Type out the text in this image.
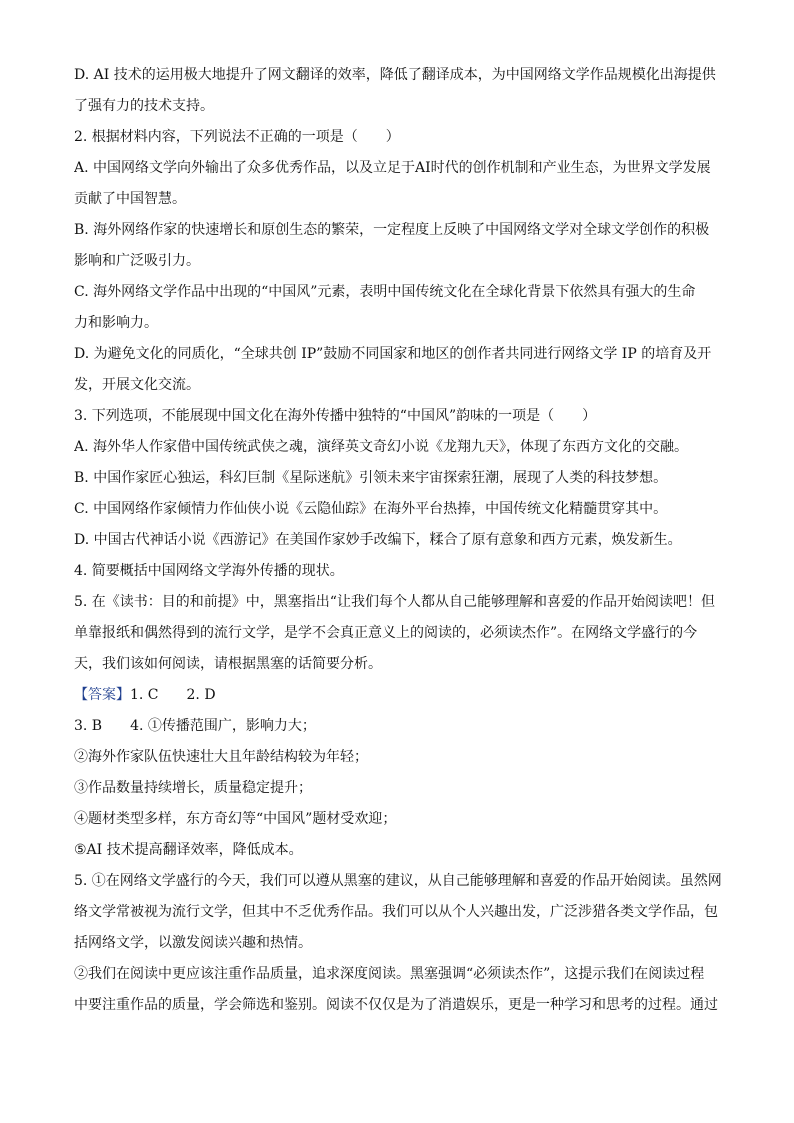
D. AI 技术的运用极大地提升了网文翻译的效率，降低了翻译成本，为中国网络文学作品规模化出海提供
了强有力的技术支持。
2. 根据材料内容，下列说法不正确的一项是（　　）
A. 中国网络文学向外输出了众多优秀作品，以及立足于AI时代的创作机制和产业生态，为世界文学发展
贡献了中国智慧。
B. 海外网络作家的快速增长和原创生态的繁荣，一定程度上反映了中国网络文学对全球文学创作的积极
影响和广泛吸引力。
C. 海外网络文学作品中出现的“中国风”元素，表明中国传统文化在全球化背景下依然具有强大的生命
力和影响力。
D. 为避免文化的同质化，“全球共创 IP”鼓励不同国家和地区的创作者共同进行网络文学 IP 的培育及开
发，开展文化交流。
3. 下列选项，不能展现中国文化在海外传播中独特的“中国风”韵味的一项是（　　）
A. 海外华人作家借中国传统武侠之魂，演绎英文奇幻小说《龙翔九天》，体现了东西方文化的交融。
B. 中国作家匠心独运，科幻巨制《星际迷航》引领未来宇宙探索狂潮，展现了人类的科技梦想。
C. 中国网络作家倾情力作仙侠小说《云隐仙踪》在海外平台热捧，中国传统文化精髓贯穿其中。
D. 中国古代神话小说《西游记》在美国作家妙手改编下，糅合了原有意象和西方元素，焕发新生。
4. 简要概括中国网络文学海外传播的现状。
5. 在《读书：目的和前提》中，黑塞指出“让我们每个人都从自己能够理解和喜爱的作品开始阅读吧！但
单靠报纸和偶然得到的流行文学，是学不会真正意义上的阅读的，必须读杰作”。在网络文学盛行的今
天，我们该如何阅读，请根据黑塞的话简要分析。
【答案】1. C　　2. D
3. B　　4. ①传播范围广，影响力大；
②海外作家队伍快速壮大且年龄结构较为年轻；
③作品数量持续增长，质量稳定提升；
④题材类型多样，东方奇幻等“中国风”题材受欢迎；
⑤AI 技术提高翻译效率，降低成本。
5. ①在网络文学盛行的今天，我们可以遵从黑塞的建议，从自己能够理解和喜爱的作品开始阅读。虽然网
络文学常被视为流行文学，但其中不乏优秀作品。我们可以从个人兴趣出发，广泛涉猎各类文学作品，包
括网络文学，以激发阅读兴趣和热情。
②我们在阅读中更应该注重作品质量，追求深度阅读。黑塞强调“必须读杰作”，这提示我们在阅读过程
中要注重作品的质量，学会筛选和鉴别。阅读不仅仅是为了消遣娱乐，更是一种学习和思考的过程。通过
